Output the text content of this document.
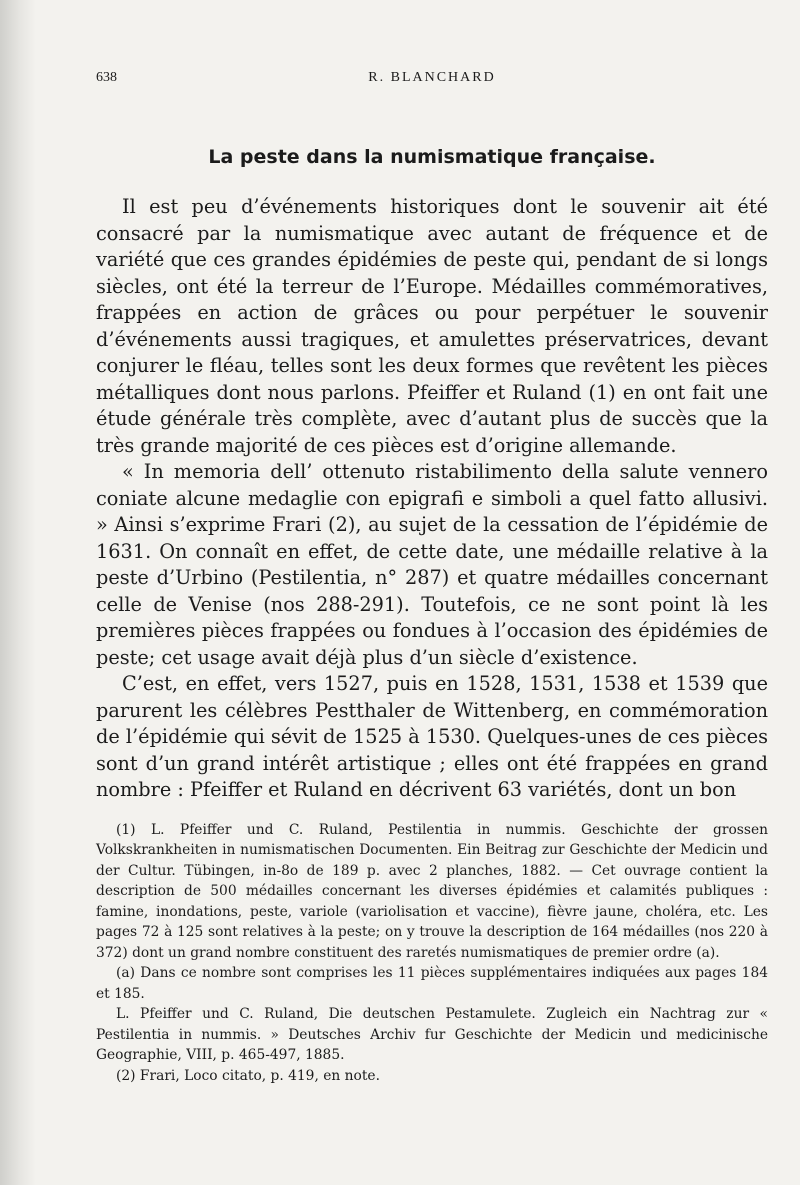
638	R. BLANCHARD
La peste dans la numismatique française.

Il est peu d’événements historiques dont le souvenir ait été consacré par la numismatique avec autant de fréquence et de variété que ces grandes épidémies de peste qui, pendant de si longs siècles, ont été la terreur de l’Europe. Médailles commémoratives, frappées en action de grâces ou pour perpétuer le souvenir d’événements aussi tragiques, et amulettes préservatrices, devant conjurer le fléau, telles sont les deux formes que revêtent les pièces métalliques dont nous parlons. Pfeiffer et Ruland (1) en ont fait une étude générale très complète, avec d’autant plus de succès que la très grande majorité de ces pièces est d’origine allemande.

« In memoria dell’ ottenuto ristabilimento della salute vennero coniate alcune medaglie con epigrafi e simboli a quel fatto allusivi. » Ainsi s’exprime Frari (2), au sujet de la cessation de l’épidémie de 1631. On connaît en effet, de cette date, une médaille relative à la peste d’Urbino (Pestilentia, n° 287) et quatre médailles concernant celle de Venise (nos 288-291). Toutefois, ce ne sont point là les premières pièces frappées ou fondues à l’occasion des épidémies de peste; cet usage avait déjà plus d’un siècle d’existence.

C’est, en effet, vers 1527, puis en 1528, 1531, 1538 et 1539 que parurent les célèbres Pestthaler de Wittenberg, en commémoration de l’épidémie qui sévit de 1525 à 1530. Quelques-unes de ces pièces sont d’un grand intérêt artistique ; elles ont été frappées en grand nombre : Pfeiffer et Ruland en décrivent 63 variétés, dont un bon

(1) L. Pfeiffer und C. Ruland, Pestilentia in nummis. Geschichte der grossen Volkskrankheiten in numismatischen Documenten. Ein Beitrag zur Geschichte der Medicin und der Cultur. Tübingen, in-8o de 189 p. avec 2 planches, 1882. — Cet ouvrage contient la description de 500 médailles concernant les diverses épidémies et calamités publiques : famine, inondations, peste, variole (variolisation et vaccine), fièvre jaune, choléra, etc. Les pages 72 à 125 sont relatives à la peste; on y trouve la description de 164 médailles (nos 220 à 372) dont un grand nombre constituent des raretés numismatiques de premier ordre (a).

(a) Dans ce nombre sont comprises les 11 pièces supplémentaires indiquées aux pages 184 et 185.

L. Pfeiffer und C. Ruland, Die deutschen Pestamulete. Zugleich ein Nachtrag zur « Pestilentia in nummis. » Deutsches Archiv fur Geschichte der Medicin und medicinische Geographie, VIII, p. 465-497, 1885.

(2) Frari, Loco citato, p. 419, en note.
